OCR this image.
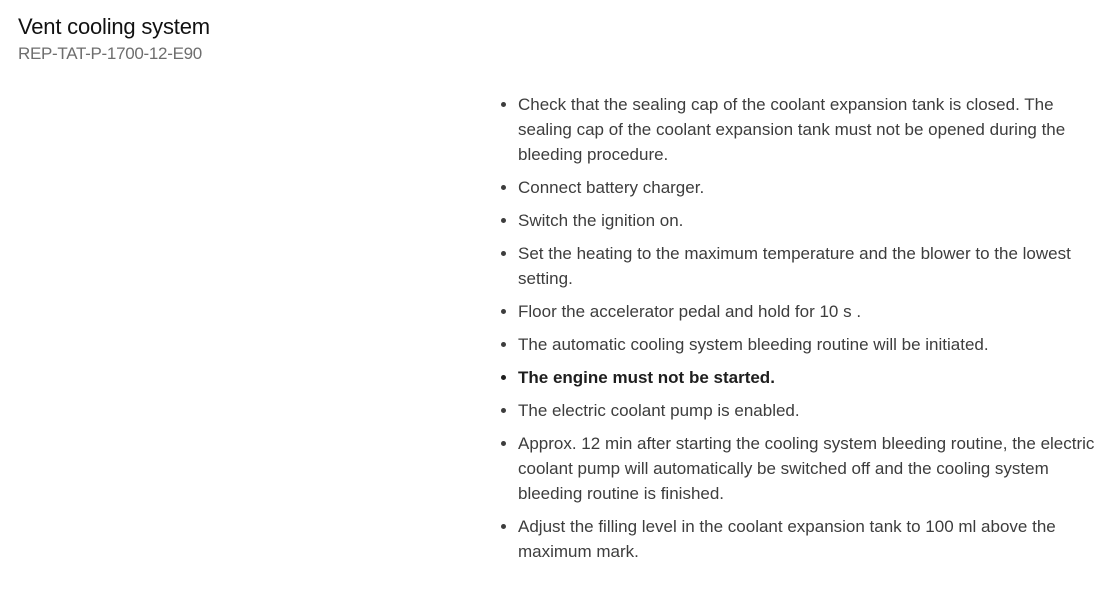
Vent cooling system

REP-TAT-P-1700-12-E90

• Check that the sealing cap of the coolant expansion tank is closed. The sealing cap of the coolant expansion tank must not be opened during the bleeding procedure.
• Connect battery charger.
• Switch the ignition on.
• Set the heating to the maximum temperature and the blower to the lowest setting.
• Floor the accelerator pedal and hold for 10 s .
• The automatic cooling system bleeding routine will be initiated.
• The engine must not be started.
• The electric coolant pump is enabled.
• Approx. 12 min after starting the cooling system bleeding routine, the electric coolant pump will automatically be switched off and the cooling system bleeding routine is finished.
• Adjust the filling level in the coolant expansion tank to 100 ml above the maximum mark.
